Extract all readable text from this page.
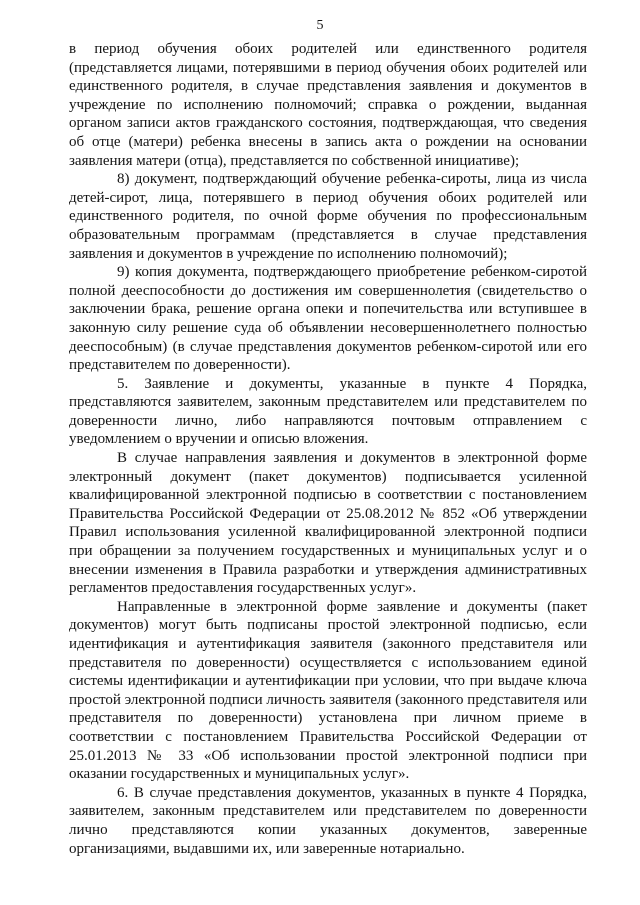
5

в период обучения обоих родителей или единственного родителя (представляется лицами, потерявшими в период обучения обоих родителей или единственного родителя, в случае представления заявления и документов в учреждение по исполнению полномочий; справка о рождении, выданная органом записи актов гражданского состояния, подтверждающая, что сведения об отце (матери) ребенка внесены в запись акта о рождении на основании заявления матери (отца), представляется по собственной инициативе);

8) документ, подтверждающий обучение ребенка-сироты, лица из числа детей-сирот, лица, потерявшего в период обучения обоих родителей или единственного родителя, по очной форме обучения по профессиональным образовательным программам (представляется в случае представления заявления и документов в учреждение по исполнению полномочий);

9) копия документа, подтверждающего приобретение ребенком-сиротой полной дееспособности до достижения им совершеннолетия (свидетельство о заключении брака, решение органа опеки и попечительства или вступившее в законную силу решение суда об объявлении несовершеннолетнего полностью дееспособным) (в случае представления документов ребенком-сиротой или его представителем по доверенности).

5. Заявление и документы, указанные в пункте 4 Порядка, представляются заявителем, законным представителем или представителем по доверенности лично, либо направляются почтовым отправлением с уведомлением о вручении и описью вложения.

В случае направления заявления и документов в электронной форме электронный документ (пакет документов) подписывается усиленной квалифицированной электронной подписью в соответствии с постановлением Правительства Российской Федерации от 25.08.2012 № 852 «Об утверждении Правил использования усиленной квалифицированной электронной подписи при обращении за получением государственных и муниципальных услуг и о внесении изменения в Правила разработки и утверждения административных регламентов предоставления государственных услуг».

Направленные в электронной форме заявление и документы (пакет документов) могут быть подписаны простой электронной подписью, если идентификация и аутентификация заявителя (законного представителя или представителя по доверенности) осуществляется с использованием единой системы идентификации и аутентификации при условии, что при выдаче ключа простой электронной подписи личность заявителя (законного представителя или представителя по доверенности) установлена при личном приеме в соответствии с постановлением Правительства Российской Федерации от 25.01.2013 № 33 «Об использовании простой электронной подписи при оказании государственных и муниципальных услуг».

6. В случае представления документов, указанных в пункте 4 Порядка, заявителем, законным представителем или представителем по доверенности лично представляются копии указанных документов, заверенные организациями, выдавшими их, или заверенные нотариально.
